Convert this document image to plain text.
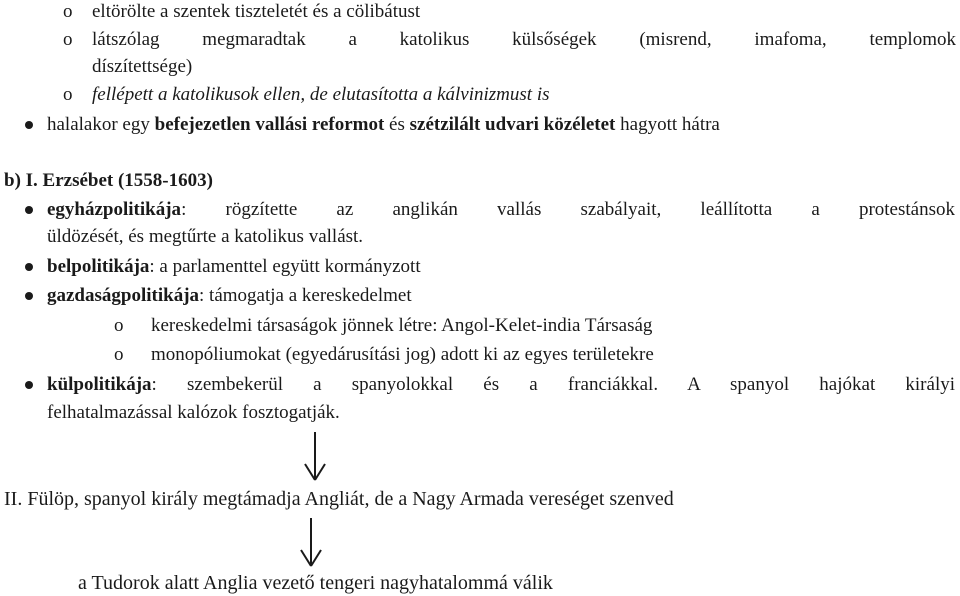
o eltörölte a szentek tiszteletét és a cölibátust
o látszólag megmaradtak a katolikus külsőségek (misrend, imafoma, templomok
díszítettsége)
o fellépett a katolikusok ellen, de elutasította a kálvinizmust is
halalakor egy befejezetlen vallási reformot és szétzilált udvari közéletet hagyott hátra
b) I. Erzsébet (1558-1603)
egyházpolitikája: rögzítette az anglikán vallás szabályait, leállította a protestánsok
üldözését, és megtűrte a katolikus vallást.
belpolitikája: a parlamenttel együtt kormányzott
gazdaságpolitikája: támogatja a kereskedelmet
o kereskedelmi társaságok jönnek létre: Angol-Kelet-india Társaság
o monopóliumokat (egyedárusítási jog) adott ki az egyes területekre
külpolitikája: szembekerül a spanyolokkal és a franciákkal. A spanyol hajókat királyi
felhatalmazással kalózok fosztogatják.
II. Fülöp, spanyol király megtámadja Angliát, de a Nagy Armada vereséget szenved
a Tudorok alatt Anglia vezető tengeri nagyhatalommá válik
